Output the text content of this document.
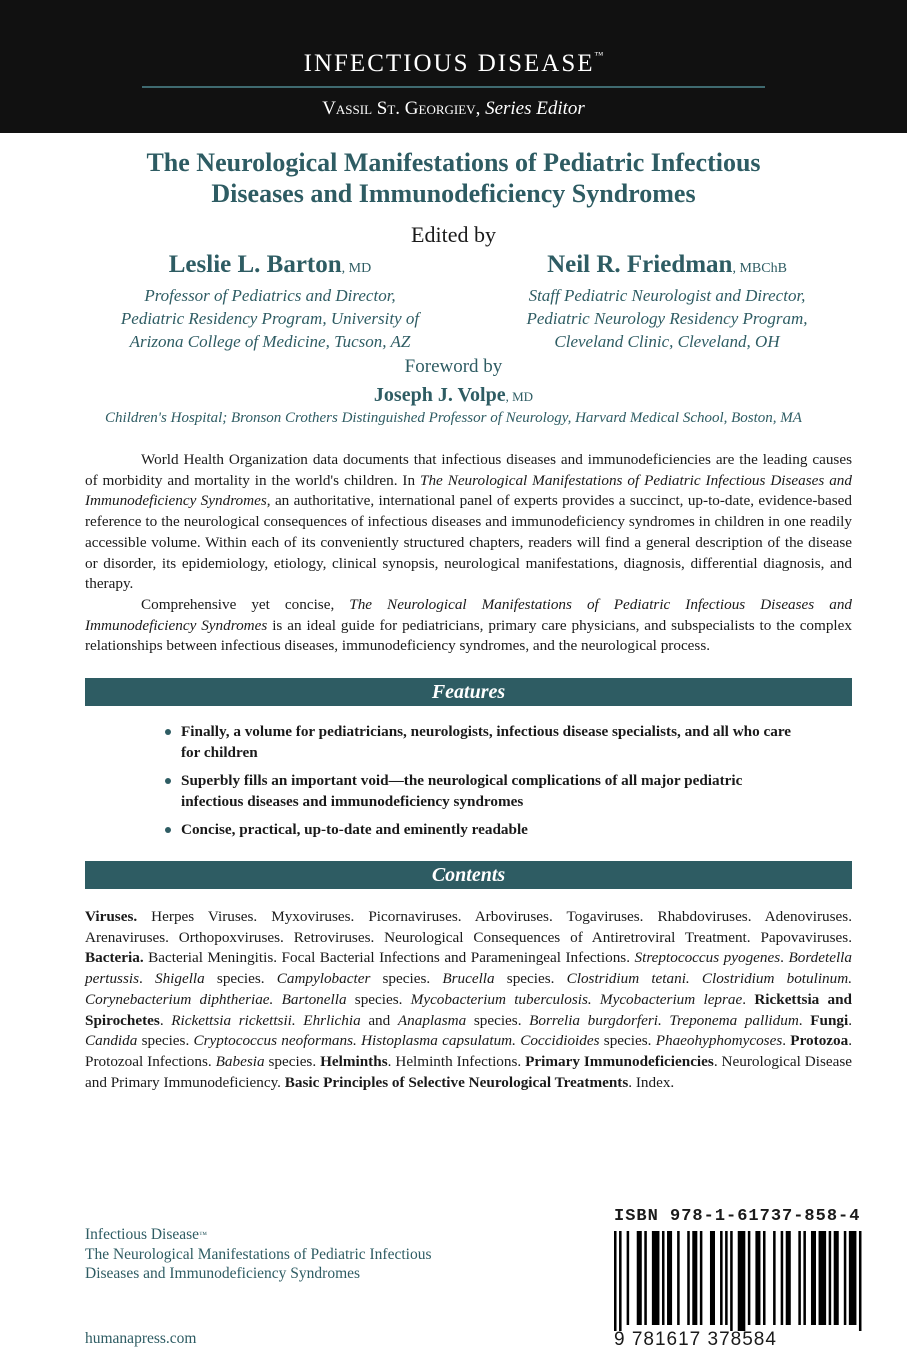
INFECTIOUS DISEASE™
Vassil St. Georgiev, Series Editor
The Neurological Manifestations of Pediatric Infectious
Diseases and Immunodeficiency Syndromes
Edited by
Leslie L. Barton, MD
Professor of Pediatrics and Director,
Pediatric Residency Program, University of
Arizona College of Medicine, Tucson, AZ
Neil R. Friedman, MBChB
Staff Pediatric Neurologist and Director,
Pediatric Neurology Residency Program,
Cleveland Clinic, Cleveland, OH
Foreword by
Joseph J. Volpe, MD
Children's Hospital; Bronson Crothers Distinguished Professor of Neurology, Harvard Medical School, Boston, MA

World Health Organization data documents that infectious diseases and immunodeficiencies are the leading causes of morbidity and mortality in the world's children. In The Neurological Manifestations of Pediatric Infectious Diseases and Immunodeficiency Syndromes, an authoritative, international panel of experts provides a succinct, up-to-date, evidence-based reference to the neurological consequences of infectious diseases and immunodeficiency syndromes in children in one readily accessible volume. Within each of its conveniently structured chapters, readers will find a general description of the disease or disorder, its epidemiology, etiology, clinical synopsis, neurological manifestations, diagnosis, differential diagnosis, and therapy.

Comprehensive yet concise, The Neurological Manifestations of Pediatric Infectious Diseases and Immunodeficiency Syndromes is an ideal guide for pediatricians, primary care physicians, and subspecialists to the complex relationships between infectious diseases, immunodeficiency syndromes, and the neurological process.

Features
Finally, a volume for pediatricians, neurologists, infectious disease specialists, and all who care for children
Superbly fills an important void—the neurological complications of all major pediatric infectious diseases and immunodeficiency syndromes
Concise, practical, up-to-date and eminently readable
Contents
Viruses. Herpes Viruses. Myxoviruses. Picornaviruses. Arboviruses. Togaviruses. Rhabdoviruses. Adenoviruses. Arenaviruses. Orthopoxviruses. Retroviruses. Neurological Consequences of Antiretroviral Treatment. Papovaviruses. Bacteria. Bacterial Meningitis. Focal Bacterial Infections and Parameningeal Infections. Streptococcus pyogenes. Bordetella pertussis. Shigella species. Campylobacter species. Brucella species. Clostridium tetani. Clostridium botulinum. Corynebacterium diphtheriae. Bartonella species. Mycobacterium tuberculosis. Mycobacterium leprae. Rickettsia and Spirochetes. Rickettsia rickettsii. Ehrlichia and Anaplasma species. Borrelia burgdorferi. Treponema pallidum. Fungi. Candida species. Cryptococcus neoformans. Histoplasma capsulatum. Coccidioides species. Phaeohyphomycoses. Protozoa. Protozoal Infections. Babesia species. Helminths. Helminth Infections. Primary Immunodeficiencies. Neurological Disease and Primary Immunodeficiency. Basic Principles of Selective Neurological Treatments. Index.
Infectious Disease™
The Neurological Manifestations of Pediatric Infectious
Diseases and Immunodeficiency Syndromes
humanapress.com
ISBN 978-1-61737-858-4
9 781617 378584
